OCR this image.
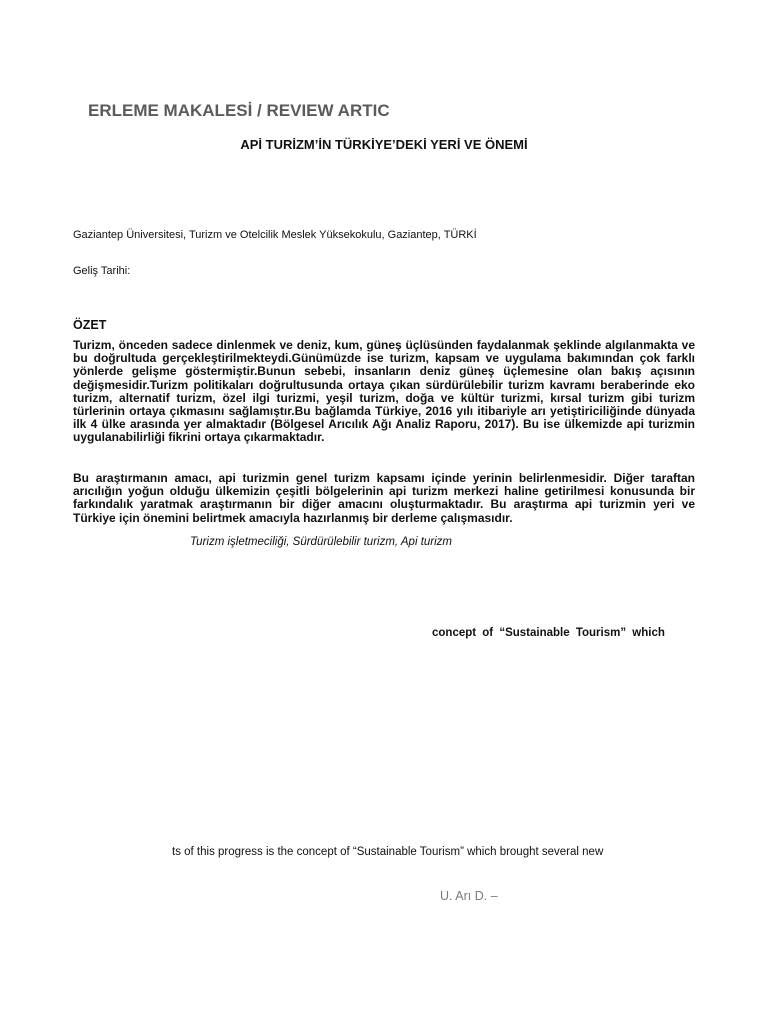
ERLEME MAKALESİ / REVIEW ARTIC
APİ TURİZM’İN TÜRKİYE’DEKİ YERİ VE ÖNEMİ
Gaziantep Üniversitesi, Turizm ve Otelcilik Meslek Yüksekokulu, Gaziantep, TÜRKİ
Geliş Tarihi:
ÖZET
Turizm, önceden sadece dinlenmek ve deniz, kum, güneş üçlüsünden faydalanmak şeklinde algılanmakta ve bu doğrultuda gerçekleştirilmekteydi.Günümüzde ise turizm, kapsam ve uygulama bakımından çok farklı yönlerde gelişme göstermiştir.Bunun sebebi, insanların deniz güneş üçlemesine olan bakış açısının değişmesidir.Turizm politikaları doğrultusunda ortaya çıkan sürdürülebilir turizm kavramı beraberinde eko turizm, alternatif turizm, özel ilgi turizmi, yeşil turizm, doğa ve kültür turizmi, kırsal turizm gibi turizm türlerinin ortaya çıkmasını sağlamıştır.Bu bağlamda Türkiye, 2016 yılı itibariyle arı yetiştiriciliğinde dünyada ilk 4 ülke arasında yer almaktadır (Bölgesel Arıcılık Ağı Analiz Raporu, 2017). Bu ise ülkemizde api turizmin uygulanabilirliği fikrini ortaya çıkarmaktadır.
Bu araştırmanın amacı, api turizmin genel turizm kapsamı içinde yerinin belirlenmesidir. Diğer taraftan arıcılığın yoğun olduğu ülkemizin çeşitli bölgelerinin api turizm merkezi haline getirilmesi konusunda bir farkındalık yaratmak araştırmanın bir diğer amacını oluşturmaktadır. Bu araştırma api turizmin yeri ve Türkiye için önemini belirtmek amacıyla hazırlanmış bir derleme çalışmasıdır.
Turizm işletmeciliği, Sürdürülebilir turizm, Api turizm
concept of “Sustainable Tourism” which
ts of this progress is the concept of “Sustainable Tourism” which brought several new
U. Arı D. –
